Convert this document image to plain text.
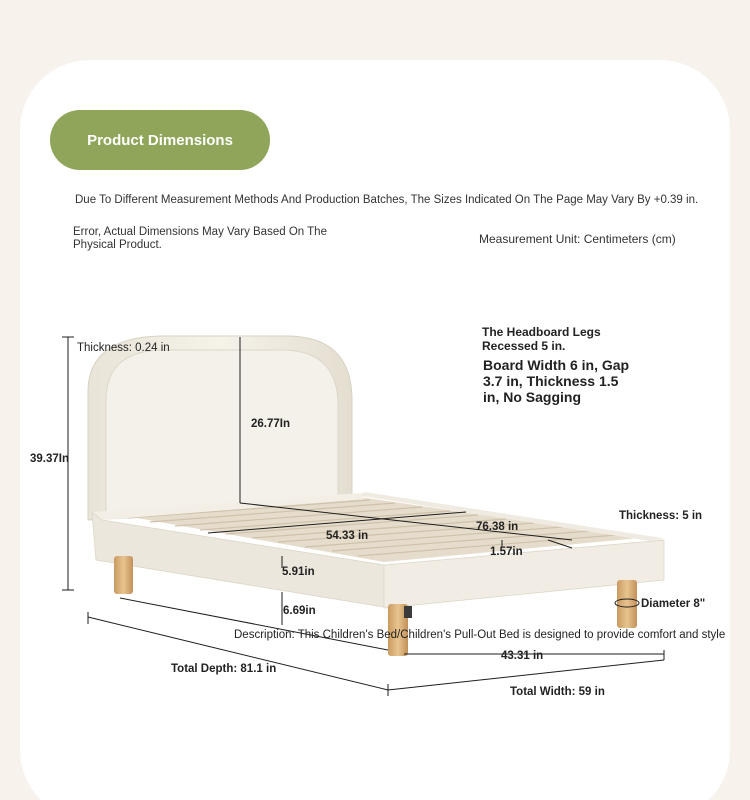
Product Dimensions
Due To Different Measurement Methods And Production Batches, The Sizes Indicated On The Page May Vary By +0.39 in.
Error, Actual Dimensions May Vary Based On The
Physical Product.	Measurement Unit: Centimeters (cm)
Thickness: 0.24 in
39.37In
26.77In
The Headboard Legs
Recessed 5 in.
Board Width 6 in, Gap 3.7 in, Thickness 1.5 in, No Sagging
Thickness: 5 in
76.38 in
1.57in
54.33 in
5.91in
6.69in
Diameter 8"
Description: This Children's Bed/Children's Pull-Out Bed is designed to provide comfort and style
43.31 in
Total Depth: 81.1 in
Total Width: 59 in
